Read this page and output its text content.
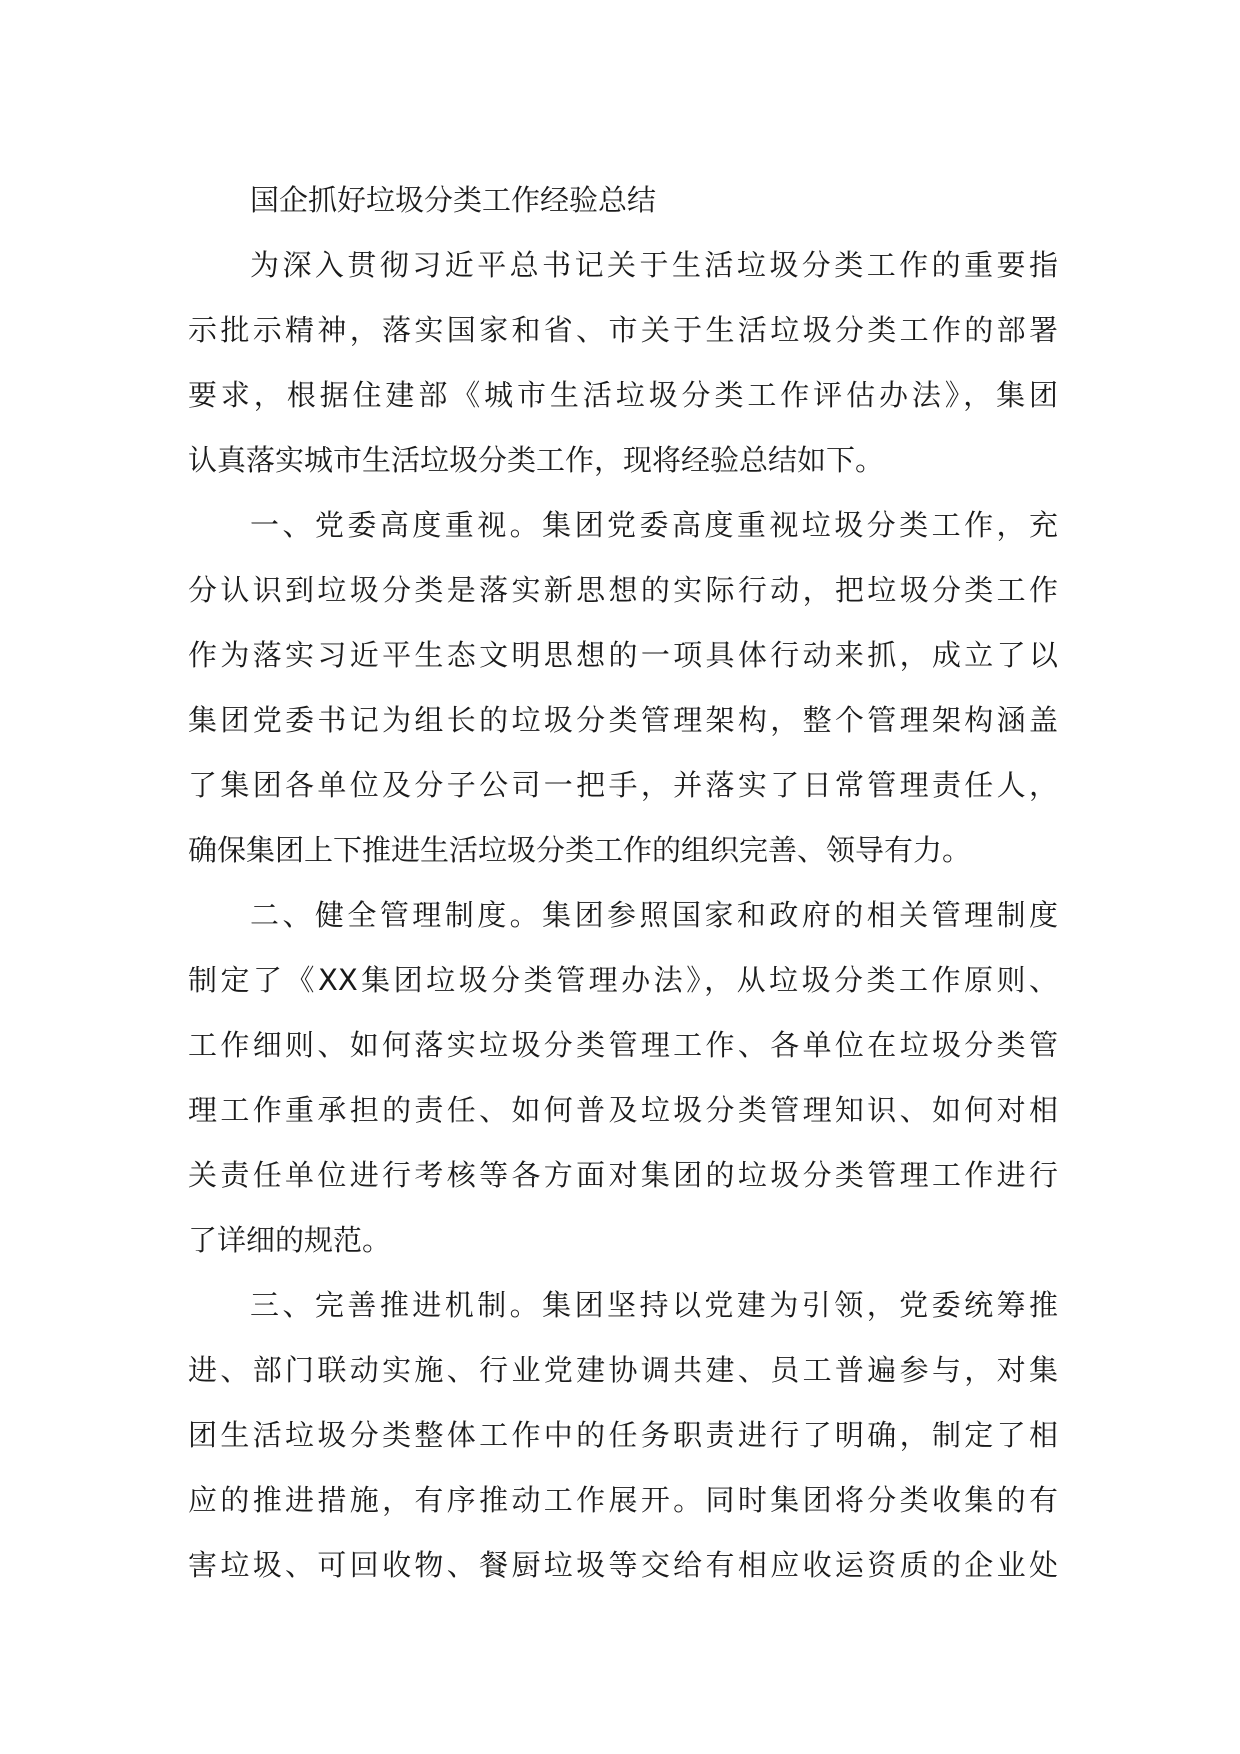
国企抓好垃圾分类工作经验总结
为深入贯彻习近平总书记关于生活垃圾分类工作的重要指
示批示精神，落实国家和省、市关于生活垃圾分类工作的部署
要求，根据住建部《城市生活垃圾分类工作评估办法》，集团
认真落实城市生活垃圾分类工作，现将经验总结如下。
一、党委高度重视。集团党委高度重视垃圾分类工作，充
分认识到垃圾分类是落实新思想的实际行动，把垃圾分类工作
作为落实习近平生态文明思想的一项具体行动来抓，成立了以
集团党委书记为组长的垃圾分类管理架构，整个管理架构涵盖
了集团各单位及分子公司一把手，并落实了日常管理责任人，
确保集团上下推进生活垃圾分类工作的组织完善、领导有力。
二、健全管理制度。集团参照国家和政府的相关管理制度
制定了《XX集团垃圾分类管理办法》，从垃圾分类工作原则、
工作细则、如何落实垃圾分类管理工作、各单位在垃圾分类管
理工作重承担的责任、如何普及垃圾分类管理知识、如何对相
关责任单位进行考核等各方面对集团的垃圾分类管理工作进行
了详细的规范。
三、完善推进机制。集团坚持以党建为引领，党委统筹推
进、部门联动实施、行业党建协调共建、员工普遍参与，对集
团生活垃圾分类整体工作中的任务职责进行了明确，制定了相
应的推进措施，有序推动工作展开。同时集团将分类收集的有
害垃圾、可回收物、餐厨垃圾等交给有相应收运资质的企业处
